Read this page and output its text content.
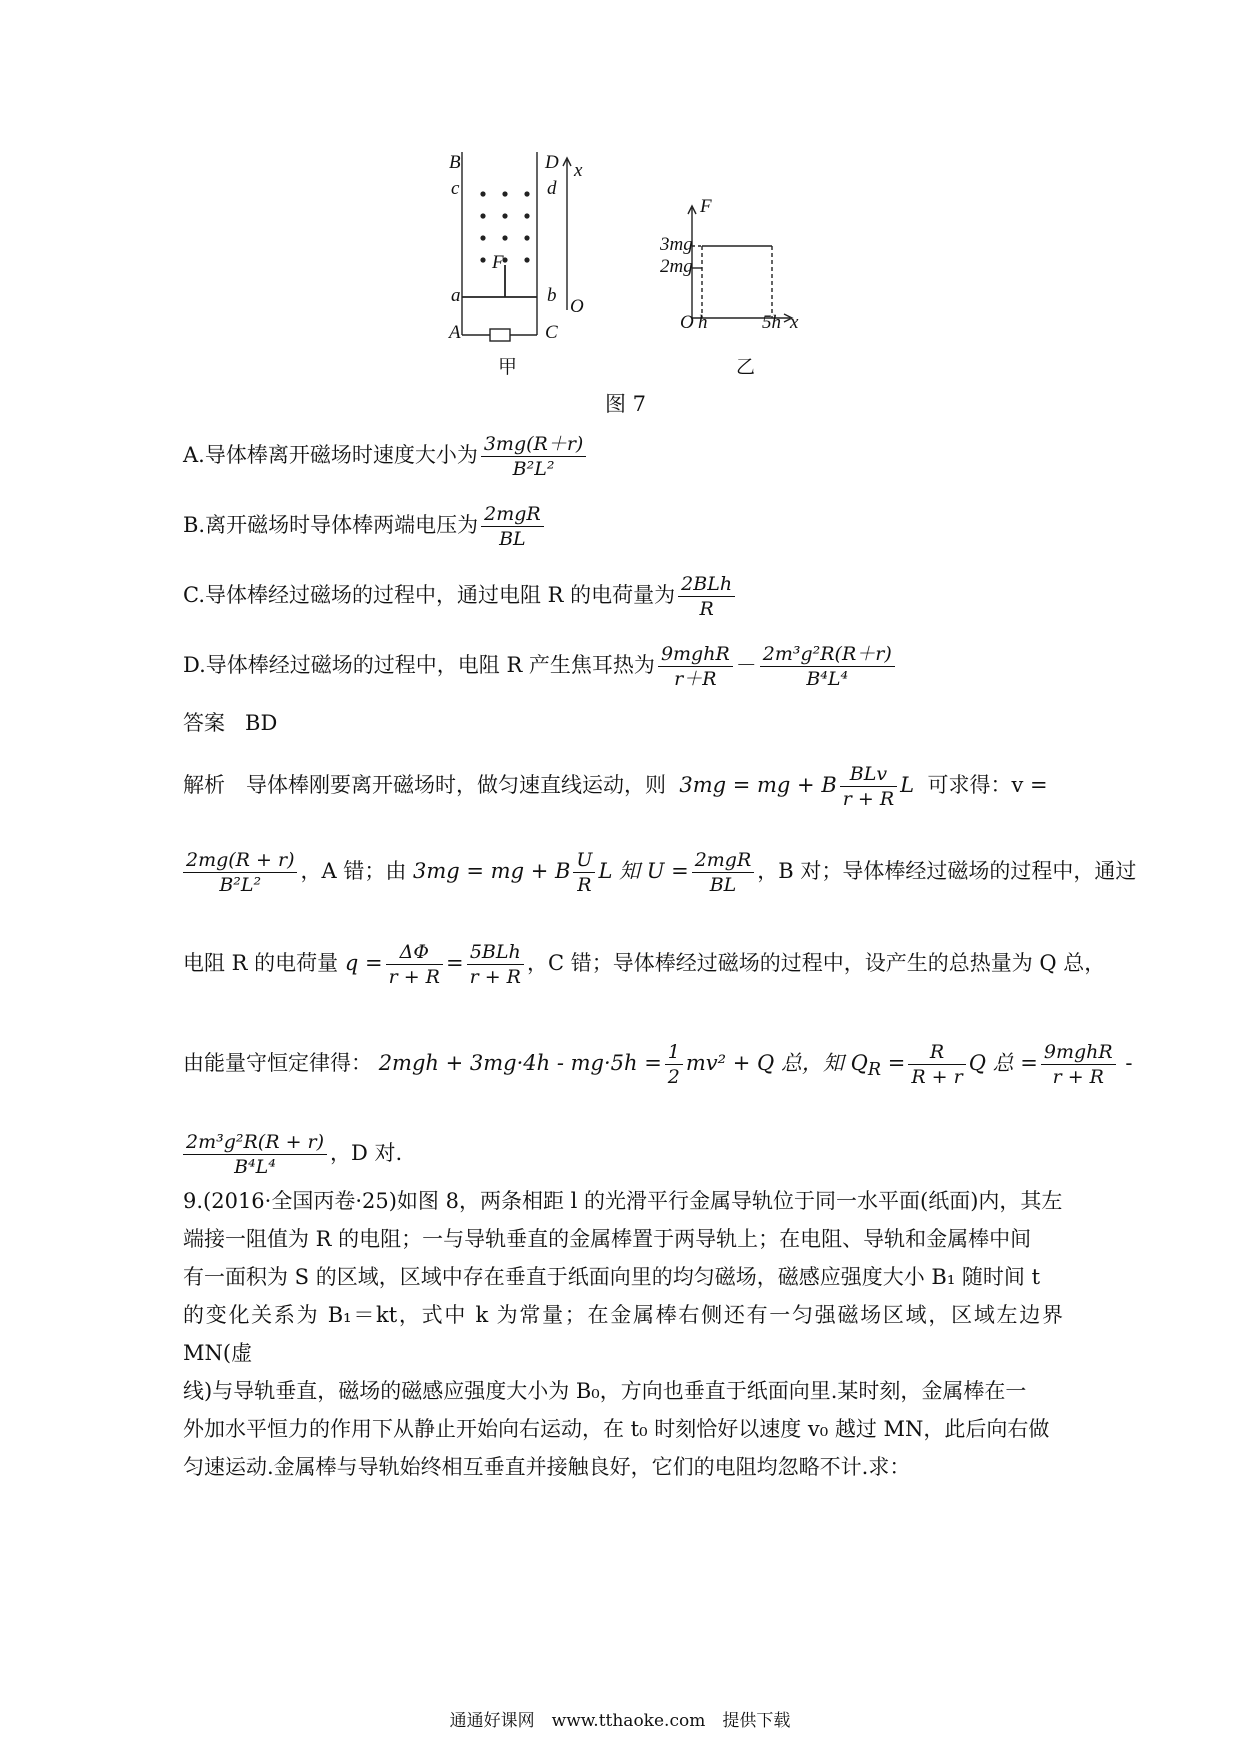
B
c
a
A
D
d
b
C
F
x
O
甲
F
3mg
2mg
O h	5h x
乙
图 7
A.导体棒离开磁场时速度大小为 $\frac{3mg(R+r)}{\text{B²L²}}$
B.离开磁场时导体棒两端电压为 $\frac{\text{2mgR}}{BL}$
C.导体棒经过磁场的过程中，通过电阻 R 的电荷量为 $\frac{\text{2BLh}}{R}$
D.导体棒经过磁场的过程中，电阻 R 产生焦耳热为 $\frac{\text{9mghR}}{r+R} - \frac{\text{2m³g²R(R＋r)}}{\text{B⁴L⁴}}$
答案 BD
解析　导体棒刚要离开磁场时，做匀速直线运动，则 3mg = mg + B $\frac{\text{BLv}}{r + R}$ L 可求得：v =
$\frac{2mg(R + r)}{\text{B²L²}}$ ，A 错；由 3mg = mg + B $\frac{U}{R}$ L 知 $U = \frac{\text{2mgR}}{BL}$ ，B 对；导体棒经过磁场的过程中，通过
电阻 R 的电荷量 $q = \frac{\Delta\Phi}{r + R} = \frac{\text{5BLh}}{r + R}$ ，C 错；导体棒经过磁场的过程中，设产生的总热量为 Q 总，
由能量守恒定律得： $2mgh + 3mg\cdot 4h - mg\cdot 5h = \frac{1}{2} mv^2 + Q$ 总，知 $Q_R = \frac{R}{R + r}$ Q 总 = $\frac{\text{9mghR}}{r + R}$ -
$\frac{\text{2m³g²R(R + r)}}{\text{B⁴L⁴}}$ ，D 对.
9.(2016·全国丙卷·25)如图 8，两条相距 l 的光滑平行金属导轨位于同一水平面(纸面)内，其左
端接一阻值为 R 的电阻；一与导轨垂直的金属棒置于两导轨上；在电阻、导轨和金属棒中间
有一面积为 S 的区域，区域中存在垂直于纸面向里的均匀磁场，磁感应强度大小 B₁ 随时间 t
的变化关系为 B₁＝kt，式中 k 为常量；在金属棒右侧还有一匀强磁场区域，区域左边界 MN(虚
线)与导轨垂直，磁场的磁感应强度大小为 B₀，方向也垂直于纸面向里.某时刻，金属棒在一
外加水平恒力的作用下从静止开始向右运动，在 t₀ 时刻恰好以速度 v₀ 越过 MN，此后向右做
匀速运动.金属棒与导轨始终相互垂直并接触良好，它们的电阻均忽略不计.求：
通通好课网　www.tthaoke.com　提供下载
